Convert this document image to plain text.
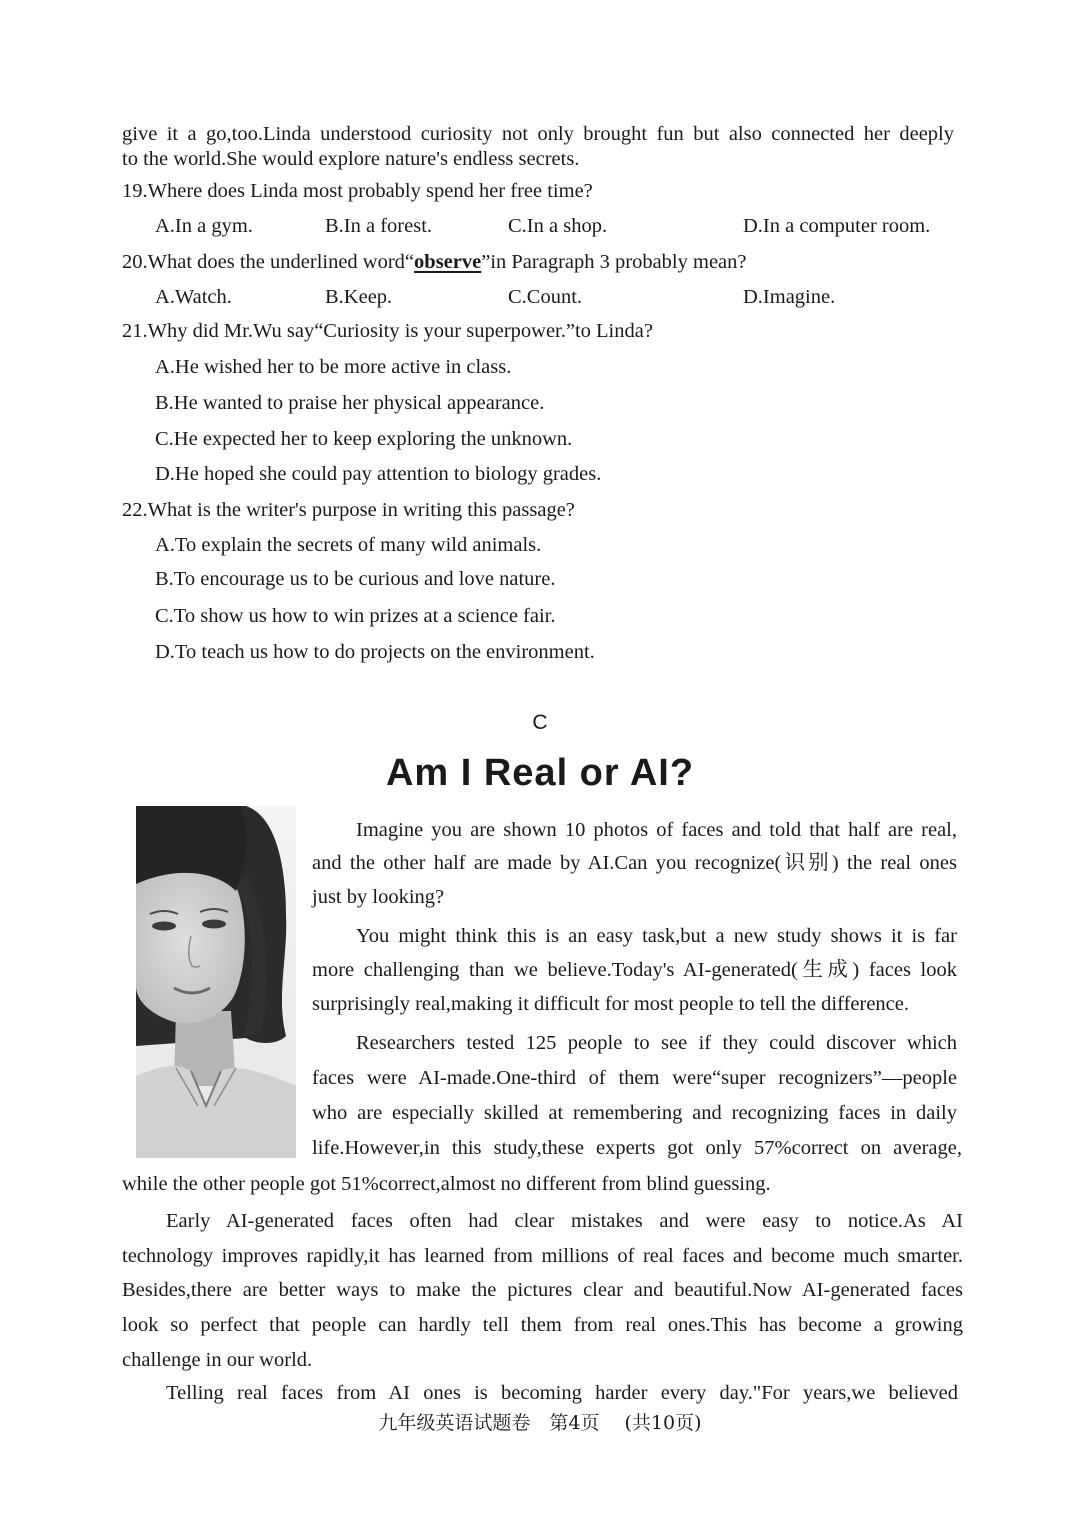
give it a go,too.Linda understood curiosity not only brought fun but also connected her deeply
to the world.She would explore nature's endless secrets.
19.Where does Linda most probably spend her free time?
A.In a gym.	B.In a forest.	C.In a shop.	D.In a computer room.
20.What does the underlined word“observe”in Paragraph 3 probably mean?
A.Watch.	B.Keep.	C.Count.	D.Imagine.
21.Why did Mr.Wu say“Curiosity is your superpower.”to Linda?
A.He wished her to be more active in class.
B.He wanted to praise her physical appearance.
C.He expected her to keep exploring the unknown.
D.He hoped she could pay attention to biology grades.
22.What is the writer's purpose in writing this passage?
A.To explain the secrets of many wild animals.
B.To encourage us to be curious and love nature.
C.To show us how to win prizes at a science fair.
D.To teach us how to do projects on the environment.
C
Am I Real or AI?
Imagine you are shown 10 photos of faces and told that half are real,
and the other half are made by AI.Can you recognize(识别) the real ones
just by looking?
You might think this is an easy task,but a new study shows it is far
more challenging than we believe.Today's AI-generated(生成) faces look
surprisingly real,making it difficult for most people to tell the difference.
Researchers tested 125 people to see if they could discover which
faces were AI-made.One-third of them were“super recognizers”—people
who are especially skilled at remembering and recognizing faces in daily
life.However,in this study,these experts got only 57%correct on average,
while the other people got 51%correct,almost no different from blind guessing.
Early AI-generated faces often had clear mistakes and were easy to notice.As AI
technology improves rapidly,it has learned from millions of real faces and become much smarter.
Besides,there are better ways to make the pictures clear and beautiful.Now AI-generated faces
look so perfect that people can hardly tell them from real ones.This has become a growing
challenge in our world.
Telling real faces from AI ones is becoming harder every day."For years,we believed
九年级英语试题卷　第4页　 (共10页)
